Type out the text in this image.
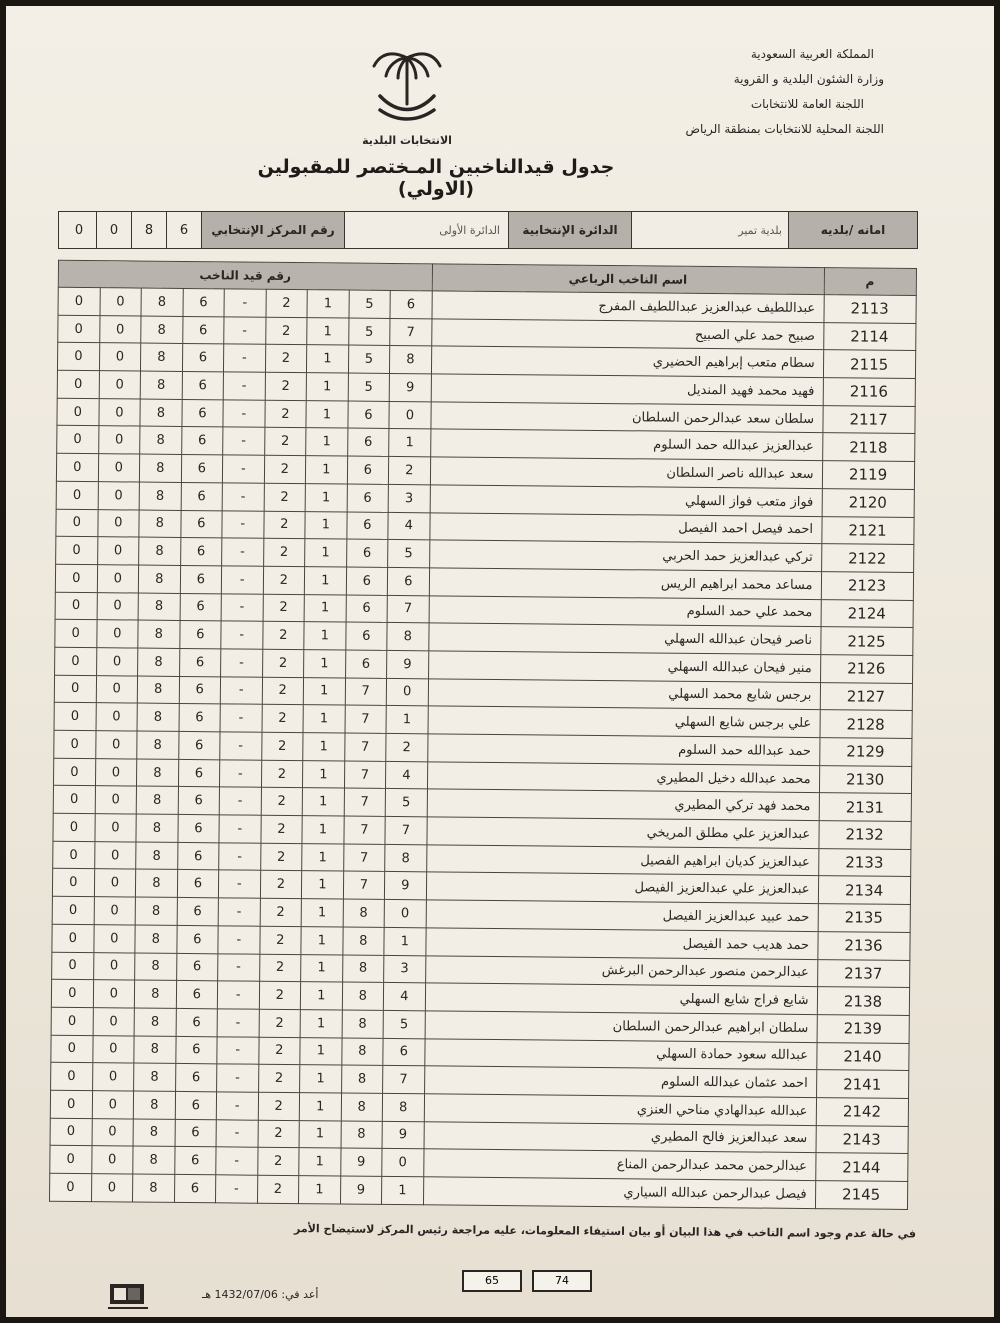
المملكة العربية السعودية
وزارة الشئون البلدية و القروية
اللجنة العامة للانتخابات
اللجنة المحلية للانتخابات بمنطقة الرياض
الانتخابات البلدية
جدول قيدالناخبين المـختصر للمقبولين (الاولي)
امانه /بلديه
بلدية تمير
الدائرة الإنتخابية
الدائرة الأولى
رقم المركز الإنتخابي
6
8
0
0
م	اسم الناخب الرباعي	رقم قيد الناخب								
2113	عبداللطيف عبدالعزيز عبداللطيف المفرج	6	5	1	2	-	6	8	0	0
2114	صبيح حمد علي الصبيح	7	5	1	2	-	6	8	0	0
2115	سطام متعب إبراهيم الحضيري	8	5	1	2	-	6	8	0	0
2116	فهيد محمد فهيد المنديل	9	5	1	2	-	6	8	0	0
2117	سلطان سعد عبدالرحمن السلطان	0	6	1	2	-	6	8	0	0
2118	عبدالعزيز عبدالله حمد السلوم	1	6	1	2	-	6	8	0	0
2119	سعد عبدالله ناصر السلطان	2	6	1	2	-	6	8	0	0
2120	فواز متعب فواز السهلي	3	6	1	2	-	6	8	0	0
2121	احمد فيصل احمد الفيصل	4	6	1	2	-	6	8	0	0
2122	تركي عبدالعزيز حمد الحربي	5	6	1	2	-	6	8	0	0
2123	مساعد محمد ابراهيم الريس	6	6	1	2	-	6	8	0	0
2124	محمد علي حمد السلوم	7	6	1	2	-	6	8	0	0
2125	ناصر فيحان عبدالله السهلي	8	6	1	2	-	6	8	0	0
2126	منير فيحان عبدالله السهلي	9	6	1	2	-	6	8	0	0
2127	برجس شايع محمد السهلي	0	7	1	2	-	6	8	0	0
2128	علي برجس شايع السهلي	1	7	1	2	-	6	8	0	0
2129	حمد عبدالله حمد السلوم	2	7	1	2	-	6	8	0	0
2130	محمد عبدالله دخيل المطيري	4	7	1	2	-	6	8	0	0
2131	محمد فهد تركي المطيري	5	7	1	2	-	6	8	0	0
2132	عبدالعزيز علي مطلق المريخي	7	7	1	2	-	6	8	0	0
2133	عبدالعزيز كديان ابراهيم الفصيل	8	7	1	2	-	6	8	0	0
2134	عبدالعزيز علي عبدالعزيز الفيصل	9	7	1	2	-	6	8	0	0
2135	حمد عبيد عبدالعزيز الفيصل	0	8	1	2	-	6	8	0	0
2136	حمد هديب حمد الفيصل	1	8	1	2	-	6	8	0	0
2137	عبدالرحمن منصور عبدالرحمن البرغش	3	8	1	2	-	6	8	0	0
2138	شايع فراج شايع السهلي	4	8	1	2	-	6	8	0	0
2139	سلطان ابراهيم عبدالرحمن السلطان	5	8	1	2	-	6	8	0	0
2140	عبدالله سعود حمادة السهلي	6	8	1	2	-	6	8	0	0
2141	احمد عثمان عبدالله السلوم	7	8	1	2	-	6	8	0	0
2142	عبدالله عبدالهادي مناحي العنزي	8	8	1	2	-	6	8	0	0
2143	سعد عبدالعزيز فالح المطيري	9	8	1	2	-	6	8	0	0
2144	عبدالرحمن محمد عبدالرحمن المناع	0	9	1	2	-	6	8	0	0
2145	فيصل عبدالرحمن عبدالله السياري	1	9	1	2	-	6	8	0	0
في حالة عدم وجود اسم الناخب في هذا البيان أو بيان استيفاء المعلومات، عليه مراجعة رئيس المركز لاستيضاح الأمر
65	74
أعد في: 1432/07/06 هـ
